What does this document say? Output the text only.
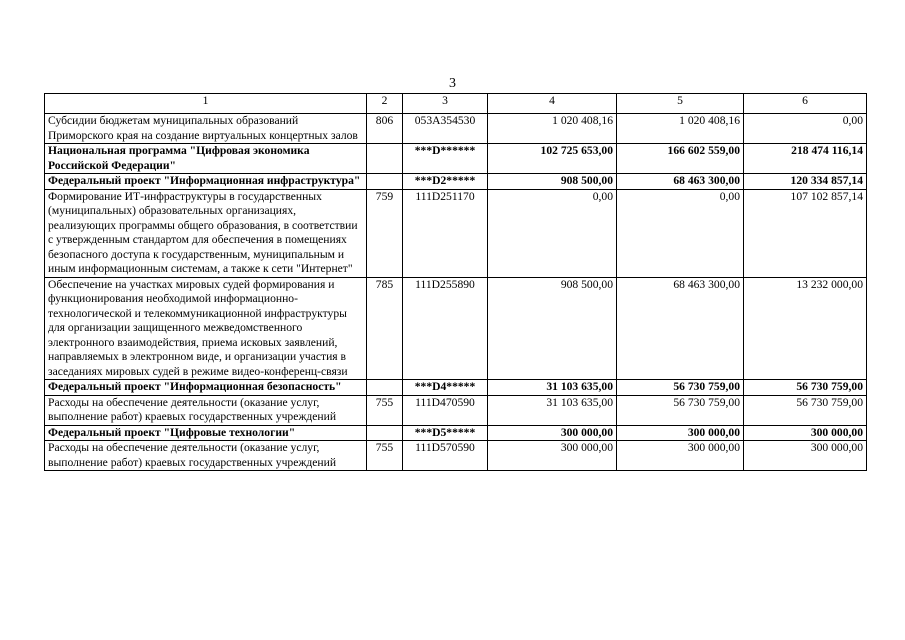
3
1	2	3	4	5	6
Субсидии бюджетам муниципальных образований Приморского края на создание виртуальных концертных залов	806	053A354530	1 020 408,16	1 020 408,16	0,00
Национальная программа "Цифровая экономика Российской Федерации"		***D******	102 725 653,00	166 602 559,00	218 474 116,14
Федеральный проект "Информационная инфраструктура"		***D2*****	908 500,00	68 463 300,00	120 334 857,14
Формирование ИТ-инфраструктуры в государственных (муниципальных) образовательных организациях, реализующих программы общего образования, в соответствии с утвержденным стандартом для обеспечения в помещениях безопасного доступа к государственным, муниципальным и иным информационным системам, а также к сети "Интернет"	759	111D251170	0,00	0,00	107 102 857,14
Обеспечение на участках мировых судей формирования и функционирования необходимой информационно-технологической и телекоммуникационной инфраструктуры для организации защищенного межведомственного электронного взаимодействия, приема исковых заявлений, направляемых в электронном виде, и организации участия в заседаниях мировых судей в режиме видео-конференц-связи	785	111D255890	908 500,00	68 463 300,00	13 232 000,00
Федеральный проект "Информационная безопасность"		***D4*****	31 103 635,00	56 730 759,00	56 730 759,00
Расходы на обеспечение деятельности (оказание услуг, выполнение работ) краевых государственных учреждений	755	111D470590	31 103 635,00	56 730 759,00	56 730 759,00
Федеральный проект "Цифровые технологии"		***D5*****	300 000,00	300 000,00	300 000,00
Расходы на обеспечение деятельности (оказание услуг, выполнение работ) краевых государственных учреждений	755	111D570590	300 000,00	300 000,00	300 000,00
